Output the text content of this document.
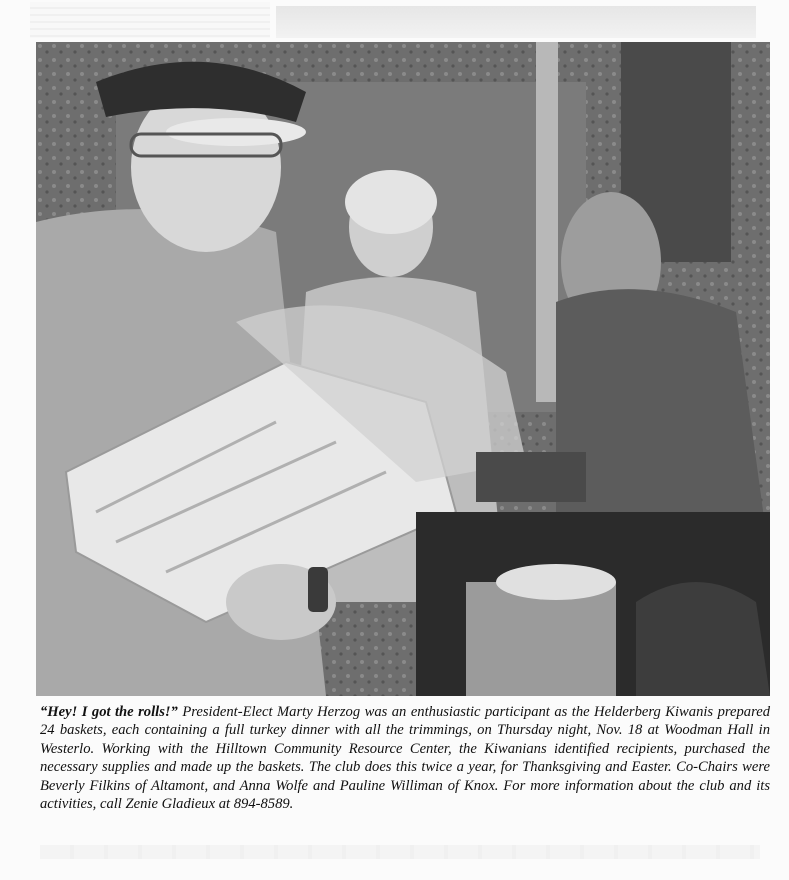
“Hey! I got the rolls!” President-Elect Marty Herzog was an enthusiastic participant as the Helderberg Kiwanis prepared 24 baskets, each containing a full turkey dinner with all the trimmings, on Thursday night, Nov. 18 at Woodman Hall in Westerlo. Working with the Hilltown Community Resource Center, the Kiwanians identified recipients, purchased the necessary supplies and made up the baskets. The club does this twice a year, for Thanksgiving and Easter. Co-Chairs were Beverly Filkins of Altamont, and Anna Wolfe and Pauline Williman of Knox. For more information about the club and its activities, call Zenie Gladieux at 894-8589.
